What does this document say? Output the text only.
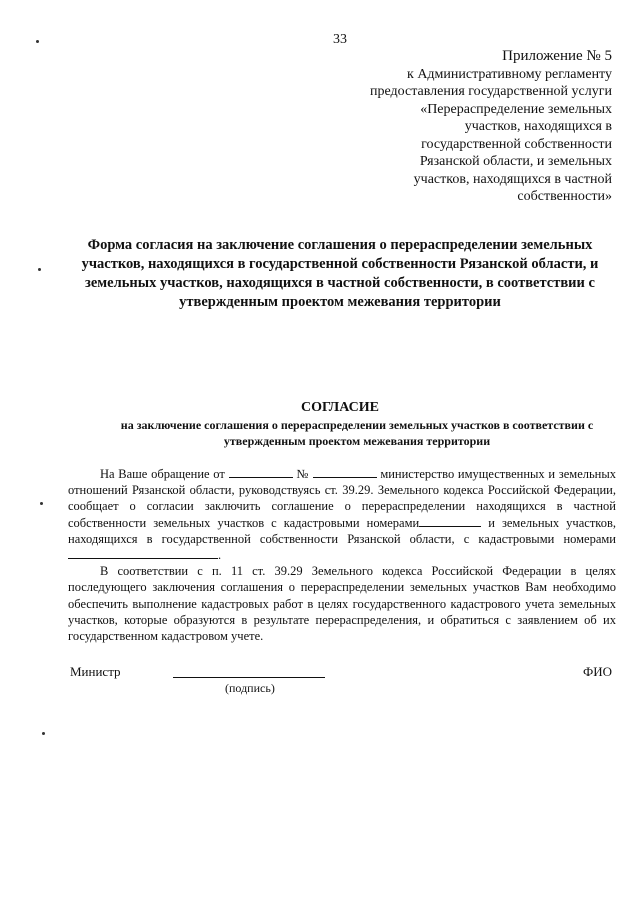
33
Приложение № 5
к Административному регламенту
предоставления государственной услуги
«Перераспределение земельных
участков, находящихся в
государственной собственности
Рязанской области, и земельных
участков, находящихся в частной
собственности»
Форма согласия на заключение соглашения о перераспределении земельных участков, находящихся в государственной собственности Рязанской области, и земельных участков, находящихся в частной собственности, в соответствии с утвержденным проектом межевания территории
СОГЛАСИЕ
на заключение соглашения о перераспределении земельных участков в соответствии с утвержденным проектом межевания территории

На Ваше обращение от	№	министерство имущественных и земельных отношений Рязанской области, руководствуясь ст. 39.29. Земельного кодекса Российской Федерации, сообщает о согласии заключить соглашение о перераспределении находящихся в частной собственности земельных участков с кадастровыми номерами	и земельных участков, находящихся в государственной собственности Рязанской области, с кадастровыми номерами .

В соответствии с п. 11 ст. 39.29 Земельного кодекса Российской Федерации в целях последующего заключения соглашения о перераспределении земельных участков Вам необходимо обеспечить выполнение кадастровых работ в целях государственного кадастрового учета земельных участков, которые образуются в результате перераспределения, и обратиться с заявлением об их государственном кадастровом учете.

Министр
(подпись)
ФИО
